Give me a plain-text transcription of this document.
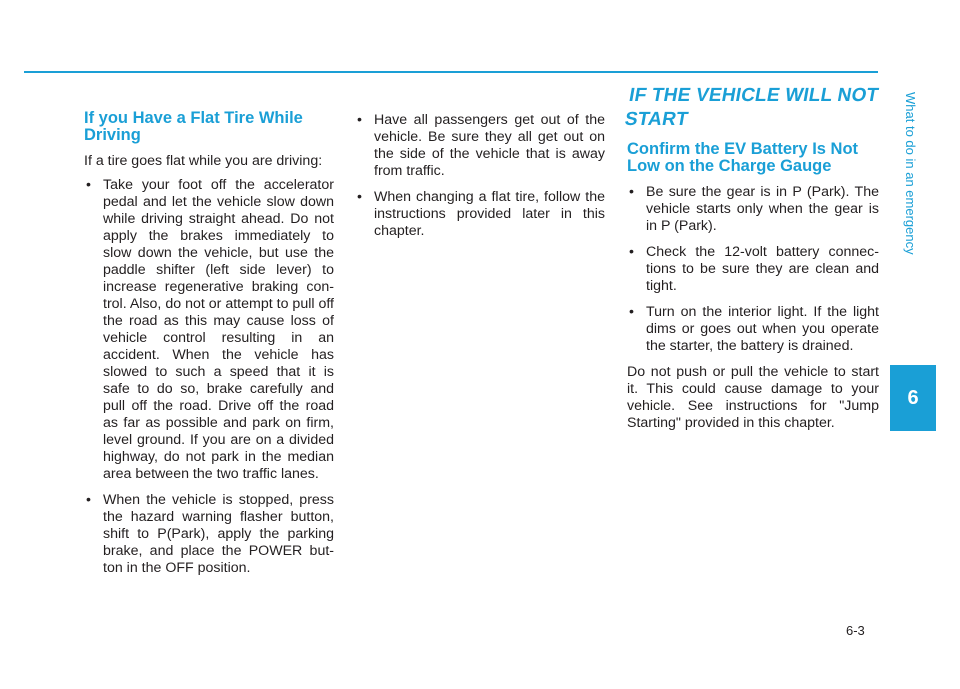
If you Have a Flat Tire While Driving

If a tire goes flat while you are driving:

• Take your foot off the accelerator pedal and let the vehicle slow down while driving straight ahead. Do not apply the brakes immediately to slow down the vehicle, but use the paddle shifter (left side lever) to increase regenerative braking con-trol. Also, do not or attempt to pull off the road as this may cause loss of vehicle control resulting in an accident. When the vehicle has slowed to such a speed that it is safe to do so, brake carefully and pull off the road. Drive off the road as far as possible and park on firm, level ground. If you are on a divided highway, do not park in the median area between the two traffic lanes.
• When the vehicle is stopped, press the hazard warning flasher button, shift to P(Park), apply the parking brake, and place the POWER but-ton in the OFF position.
• Have all passengers get out of the vehicle. Be sure they all get out on the side of the vehicle that is away from traffic.
• When changing a flat tire, follow the instructions provided later in this chapter.
IF THE VEHICLE WILL NOT
START
Confirm the EV Battery Is Not Low on the Charge Gauge
• Be sure the gear is in P (Park). The vehicle starts only when the gear is in P (Park).
• Check the 12-volt battery connec-tions to be sure they are clean and tight.
• Turn on the interior light. If the light dims or goes out when you operate the starter, the battery is drained.

Do not push or pull the vehicle to start it. This could cause damage to your vehicle. See instructions for "Jump Starting" provided in this chapter.

What to do in an emergency
6
6-3
